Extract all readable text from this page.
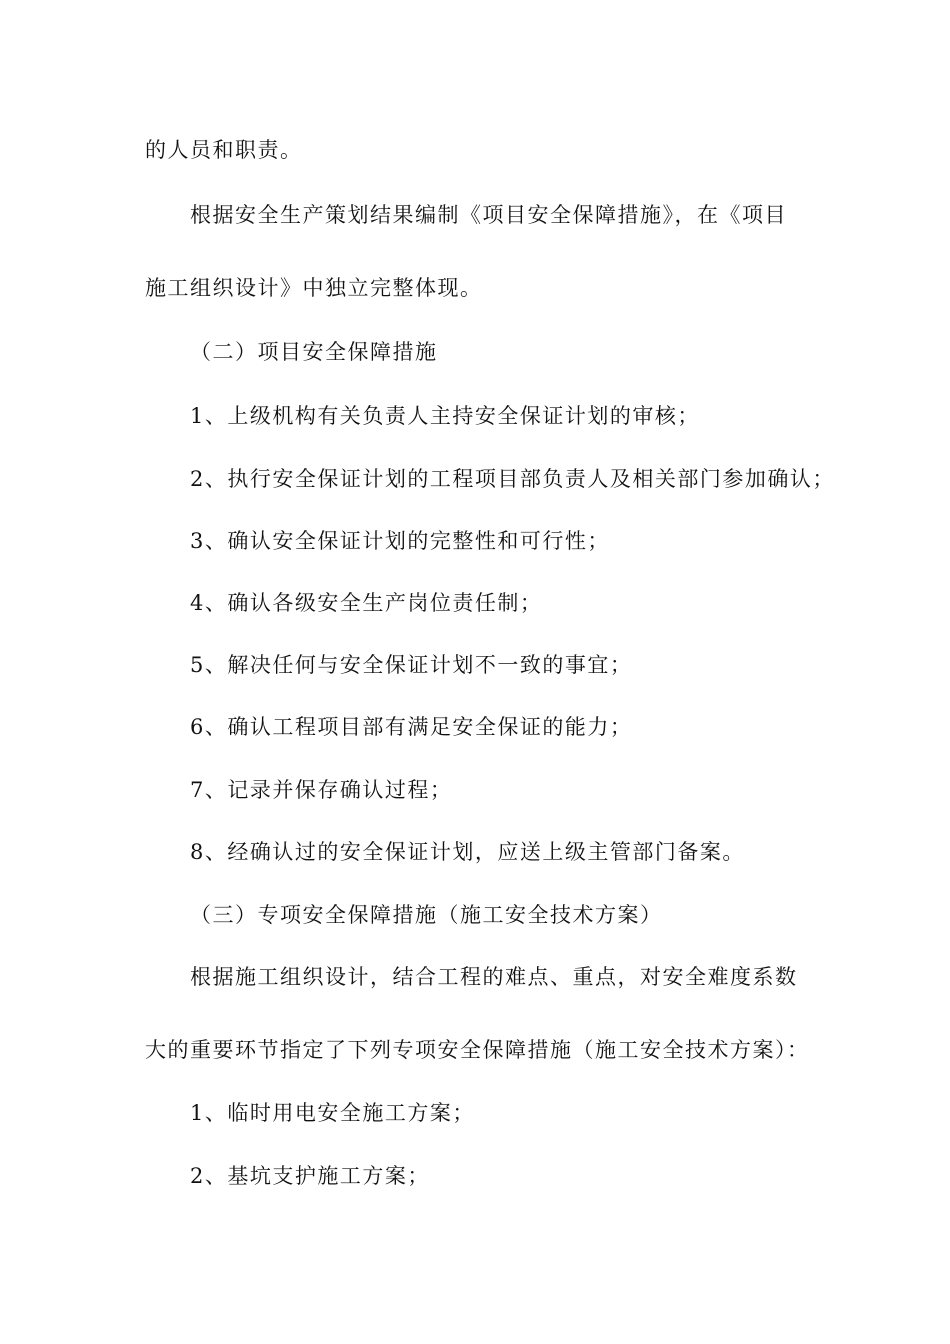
的人员和职责。
根据安全生产策划结果编制《项目安全保障措施》，在《项目
施工组织设计》中独立完整体现。
（二）项目安全保障措施
1、上级机构有关负责人主持安全保证计划的审核；
2、执行安全保证计划的工程项目部负责人及相关部门参加确认；
3、确认安全保证计划的完整性和可行性；
4、确认各级安全生产岗位责任制；
5、解决任何与安全保证计划不一致的事宜；
6、确认工程项目部有满足安全保证的能力；
7、记录并保存确认过程；
8、经确认过的安全保证计划，应送上级主管部门备案。
（三）专项安全保障措施（施工安全技术方案）
根据施工组织设计，结合工程的难点、重点，对安全难度系数
大的重要环节指定了下列专项安全保障措施（施工安全技术方案）：
1、临时用电安全施工方案；
2、基坑支护施工方案；
